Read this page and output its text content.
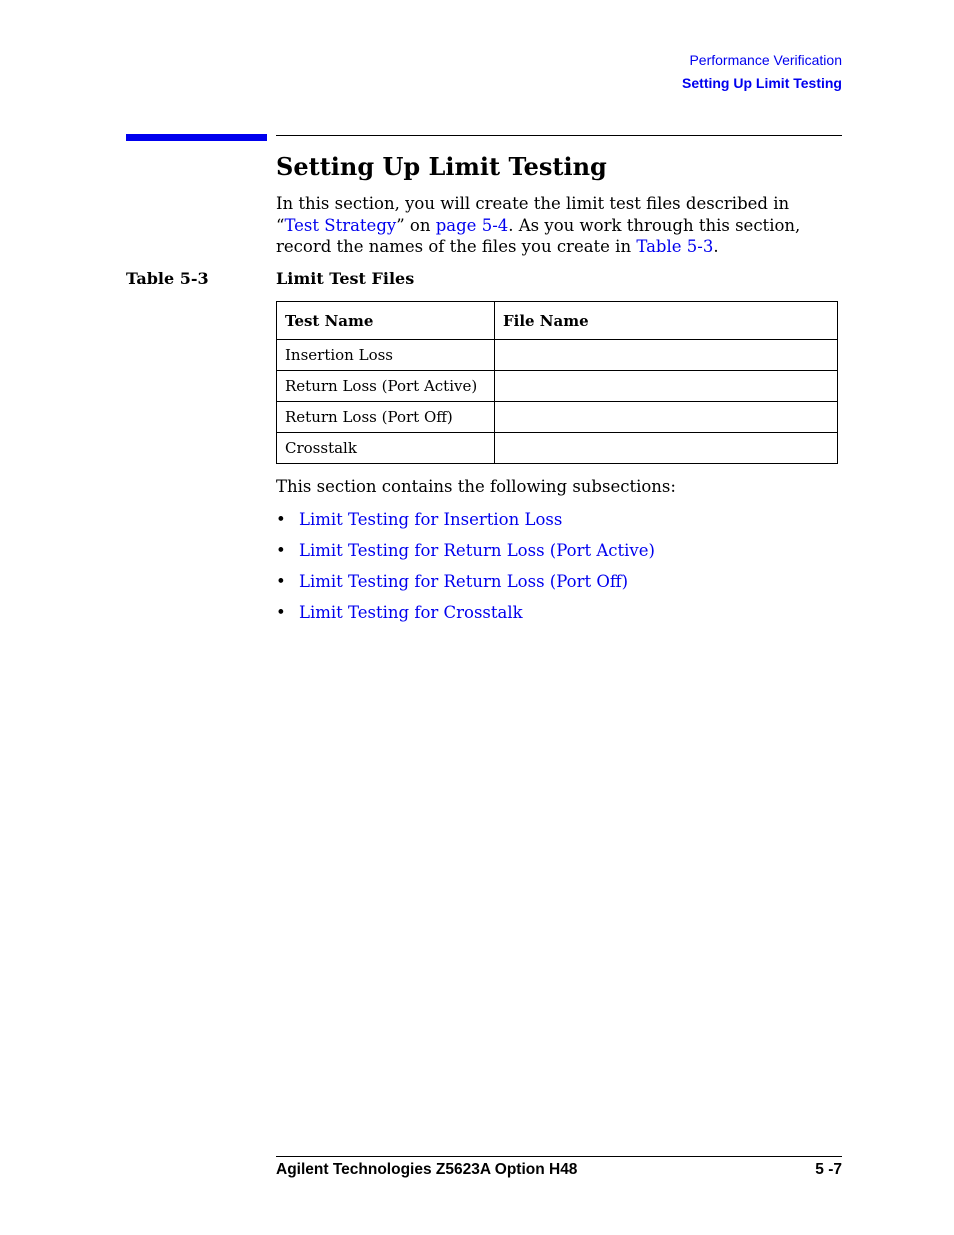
Performance Verification
Setting Up Limit Testing
Setting Up Limit Testing

In this section, you will create the limit test files described in “Test Strategy” on page 5-4. As you work through this section, record the names of the files you create in Table 5-3.

Table 5-3	Limit Test Files
Test Name	File Name
Insertion Loss	
Return Loss (Port Active)	
Return Loss (Port Off)	
Crosstalk	
This section contains the following subsections:
• Limit Testing for Insertion Loss
• Limit Testing for Return Loss (Port Active)
• Limit Testing for Return Loss (Port Off)
• Limit Testing for Crosstalk
Agilent Technologies Z5623A Option H48	5 -7
